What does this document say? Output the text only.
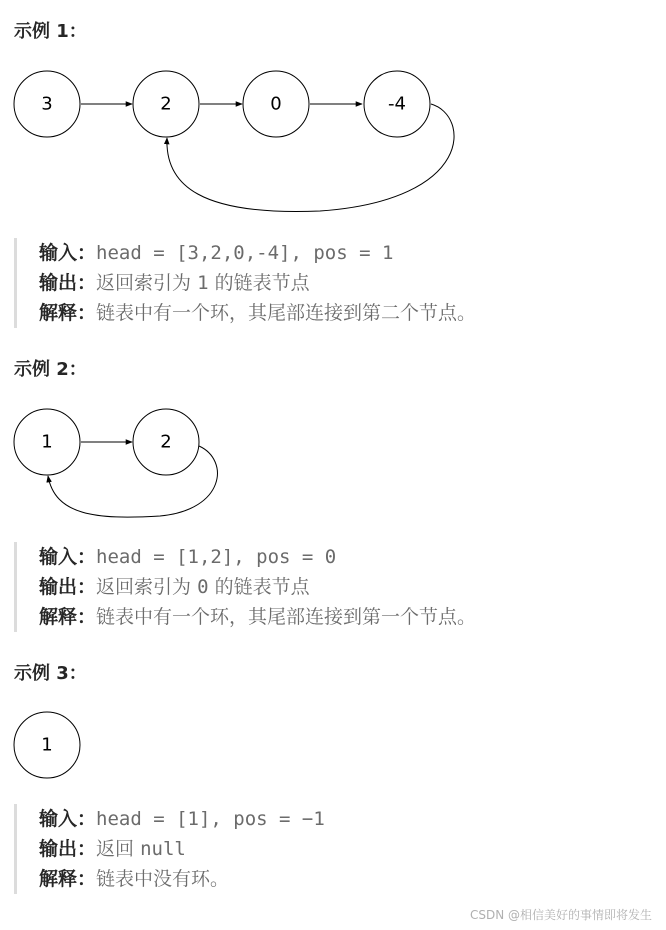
示例 1：
3	2	0	-4
输入：head = [3,2,0,-4], pos = 1
输出：返回索引为 1 的链表节点
解释：链表中有一个环，其尾部连接到第二个节点。
示例 2：
1	2
输入：head = [1,2], pos = 0
输出：返回索引为 0 的链表节点
解释：链表中有一个环，其尾部连接到第一个节点。
示例 3：
1
输入：head = [1], pos = −1
输出：返回 null
解释：链表中没有环。
CSDN @相信美好的事情即将发生
